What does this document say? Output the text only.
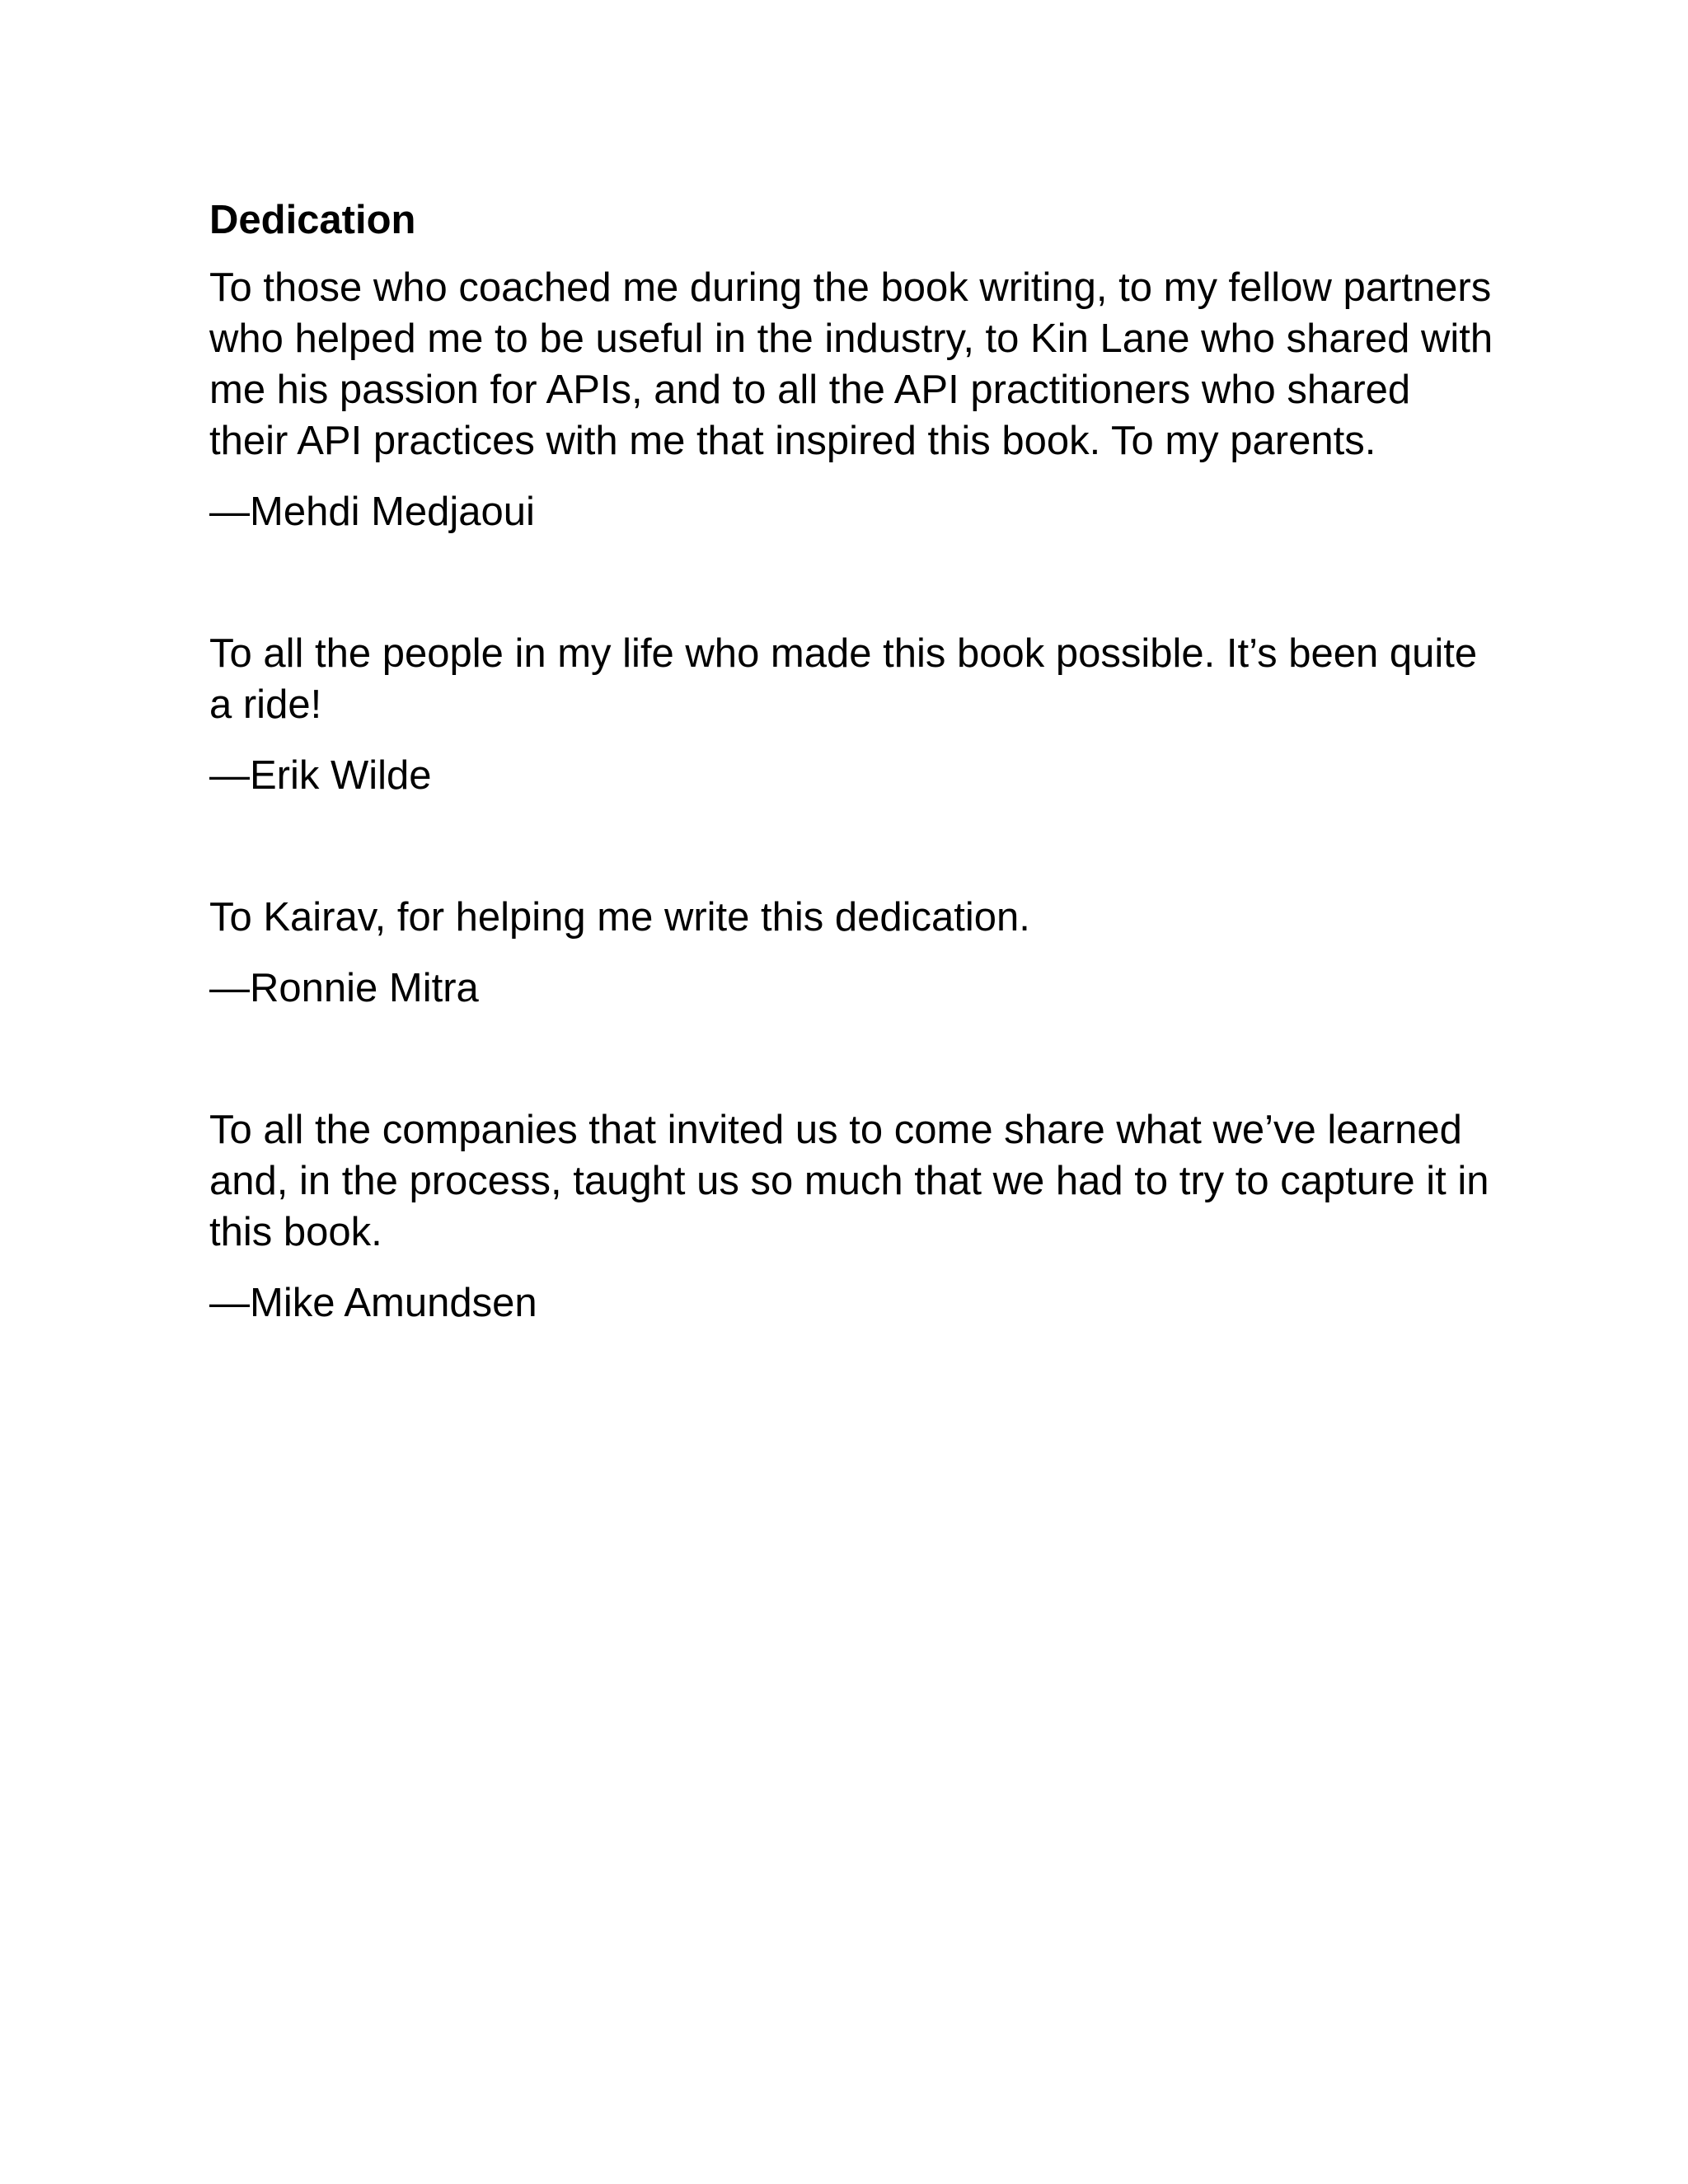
Dedication

To those who coached me during the book writing, to my fellow partners who helped me to be useful in the industry, to Kin Lane who shared with me his passion for APIs, and to all the API practitioners who shared their API practices with me that inspired this book. To my parents.

—Mehdi Medjaoui

To all the people in my life who made this book possible. It’s been quite a ride!

—Erik Wilde

To Kairav, for helping me write this dedication.

—Ronnie Mitra

To all the companies that invited us to come share what we’ve learned and, in the process, taught us so much that we had to try to capture it in this book.

—Mike Amundsen
